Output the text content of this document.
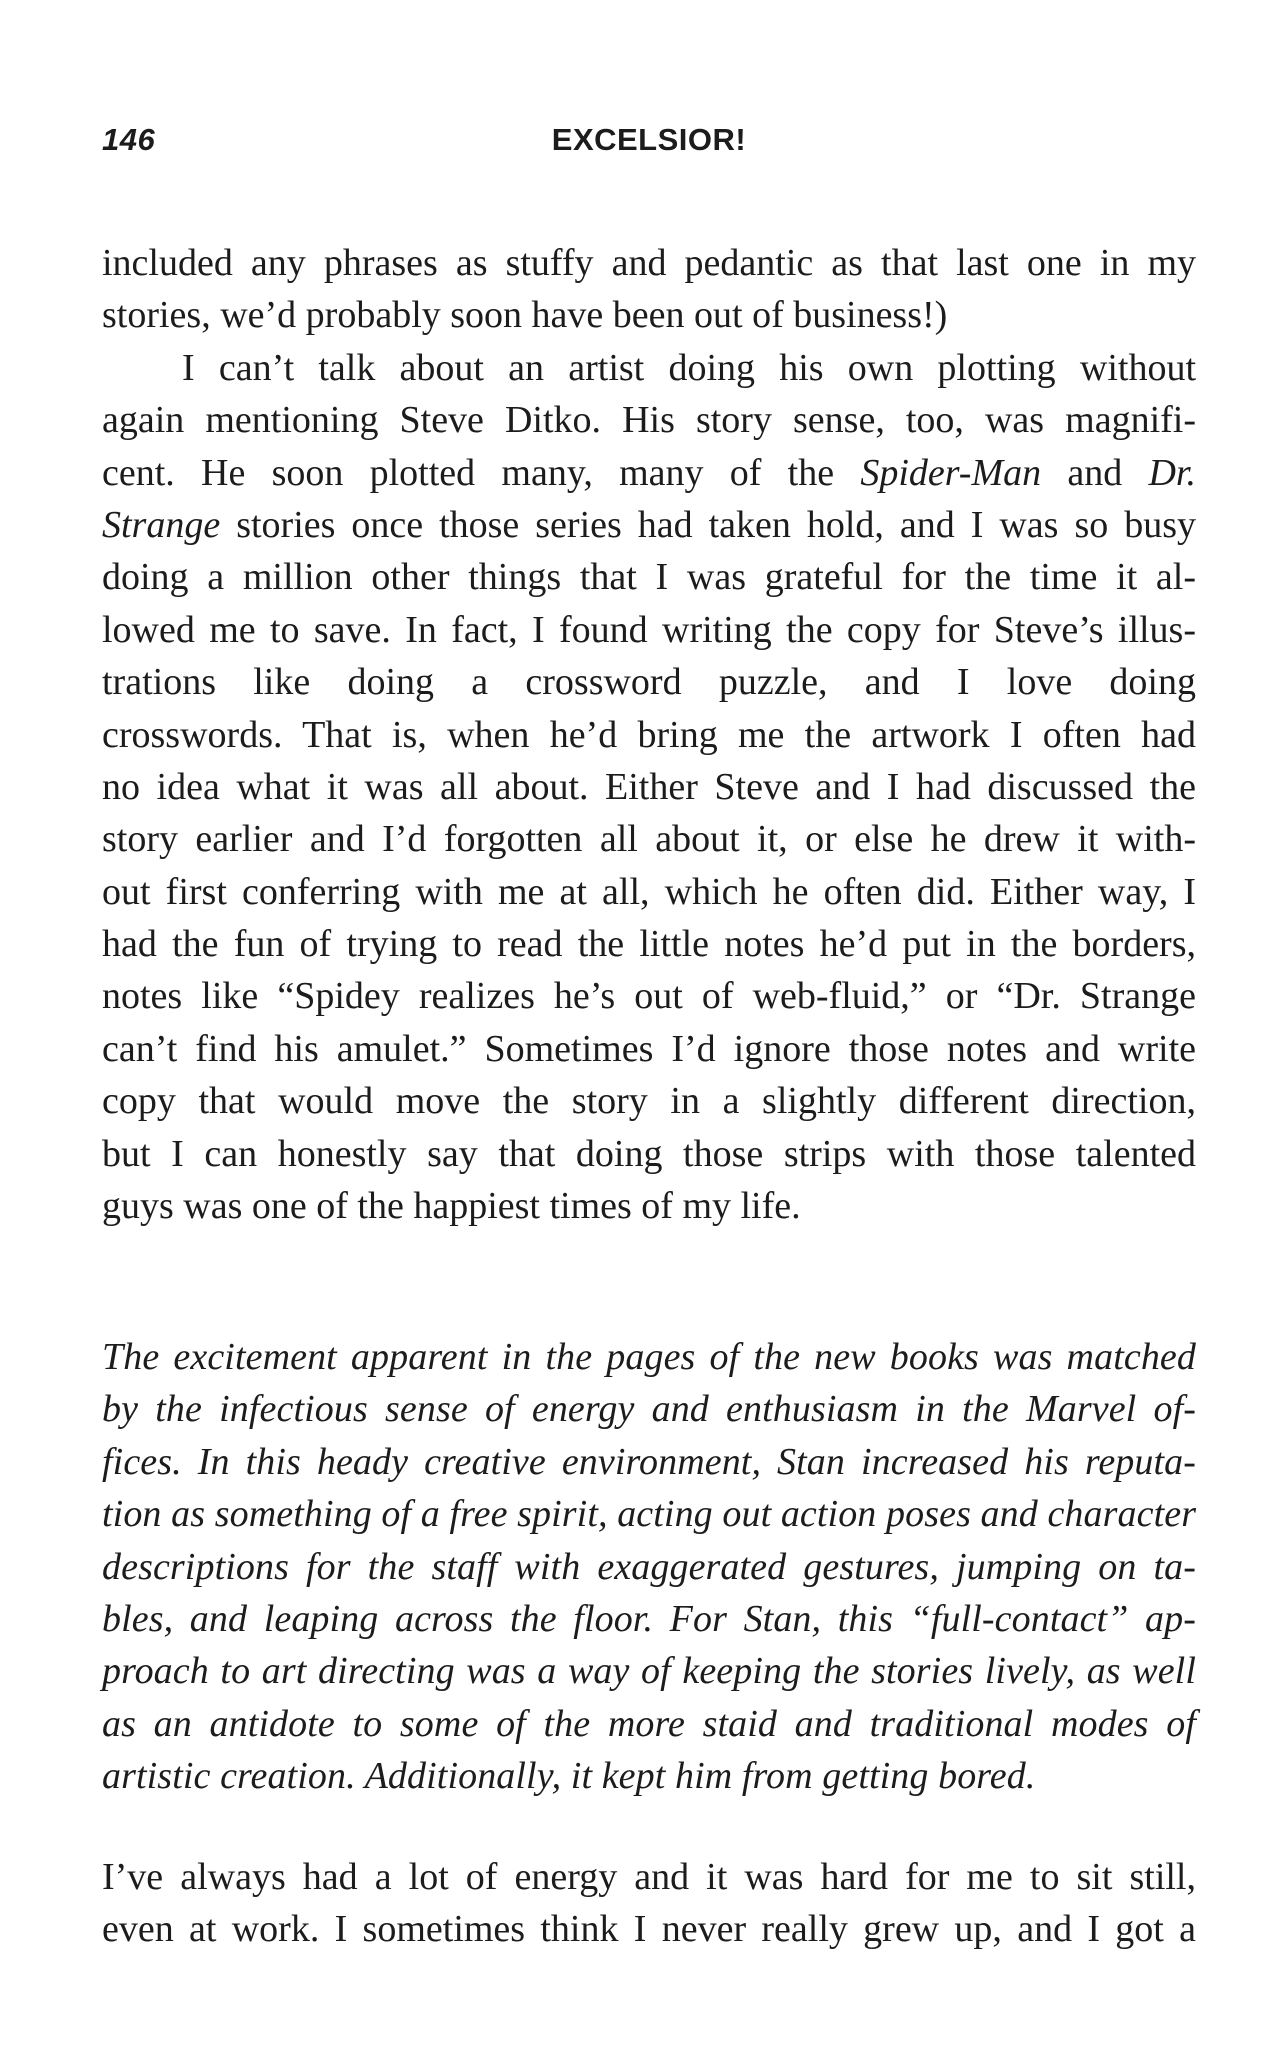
146	EXCELSIOR!
included any phrases as stuffy and pedantic as that last one in my
stories, we’d probably soon have been out of business!)
I can’t talk about an artist doing his own plotting without
again mentioning Steve Ditko. His story sense, too, was magnifi-
cent. He soon plotted many, many of the Spider-Man and Dr.
Strange stories once those series had taken hold, and I was so busy
doing a million other things that I was grateful for the time it al-
lowed me to save. In fact, I found writing the copy for Steve’s illus-
trations like doing a crossword puzzle, and I love doing
crosswords. That is, when he’d bring me the artwork I often had
no idea what it was all about. Either Steve and I had discussed the
story earlier and I’d forgotten all about it, or else he drew it with-
out first conferring with me at all, which he often did. Either way, I
had the fun of trying to read the little notes he’d put in the borders,
notes like “Spidey realizes he’s out of web-fluid,” or “Dr. Strange
can’t find his amulet.” Sometimes I’d ignore those notes and write
copy that would move the story in a slightly different direction,
but I can honestly say that doing those strips with those talented
guys was one of the happiest times of my life.
The excitement apparent in the pages of the new books was matched
by the infectious sense of energy and enthusiasm in the Marvel of-
fices. In this heady creative environment, Stan increased his reputa-
tion as something of a free spirit, acting out action poses and character
descriptions for the staff with exaggerated gestures, jumping on ta-
bles, and leaping across the floor. For Stan, this “full-contact” ap-
proach to art directing was a way of keeping the stories lively, as well
as an antidote to some of the more staid and traditional modes of
artistic creation. Additionally, it kept him from getting bored.
I’ve always had a lot of energy and it was hard for me to sit still,
even at work. I sometimes think I never really grew up, and I got a
